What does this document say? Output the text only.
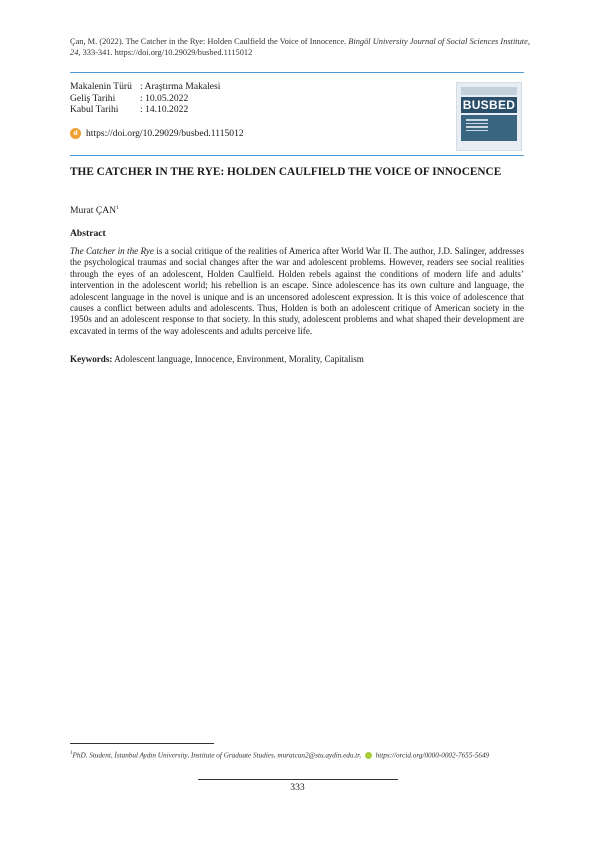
Çan, M. (2022). The Catcher in the Rye: Holden Caulfield the Voice of Innocence. Bingöl University Journal of Social Sciences Institute, 24, 333-341. https://doi.org/10.29029/busbed.1115012
Makalenin Türü : Araştırma Makalesi
Geliş Tarihi	: 10.05.2022
Kabul Tarihi	: 14.10.2022
d https://doi.org/10.29029/busbed.1115012
BUSBED
THE CATCHER IN THE RYE: HOLDEN CAULFIELD THE VOICE OF INNOCENCE
Murat ÇAN$^1$
Abstract
The Catcher in the Rye is a social critique of the realities of America after World War II. The author, J.D. Salinger, addresses the psychological traumas and social changes after the war and adolescent problems. However, readers see social realities through the eyes of an adolescent, Holden Caulfield. Holden rebels against the conditions of modern life and adults’ intervention in the adolescent world; his rebellion is an escape. Since adolescence has its own culture and language, the adolescent language in the novel is unique and is an uncensored adolescent expression. It is this voice of adolescence that causes a conflict between adults and adolescents. Thus, Holden is both an adolescent critique of American society in the 1950s and an adolescent response to that society. In this study, adolescent problems and what shaped their development are excavated in terms of the way adolescents and adults perceive life.
Keywords: Adolescent language, Innocence, Environment, Morality, Capitalism
$^1$PhD. Student, İstanbul Aydın University, Institute of Graduate Studies, muratcan2@stu.aydin.edu.tr, https://orcid.org/0000-0002-7655-5649
333
